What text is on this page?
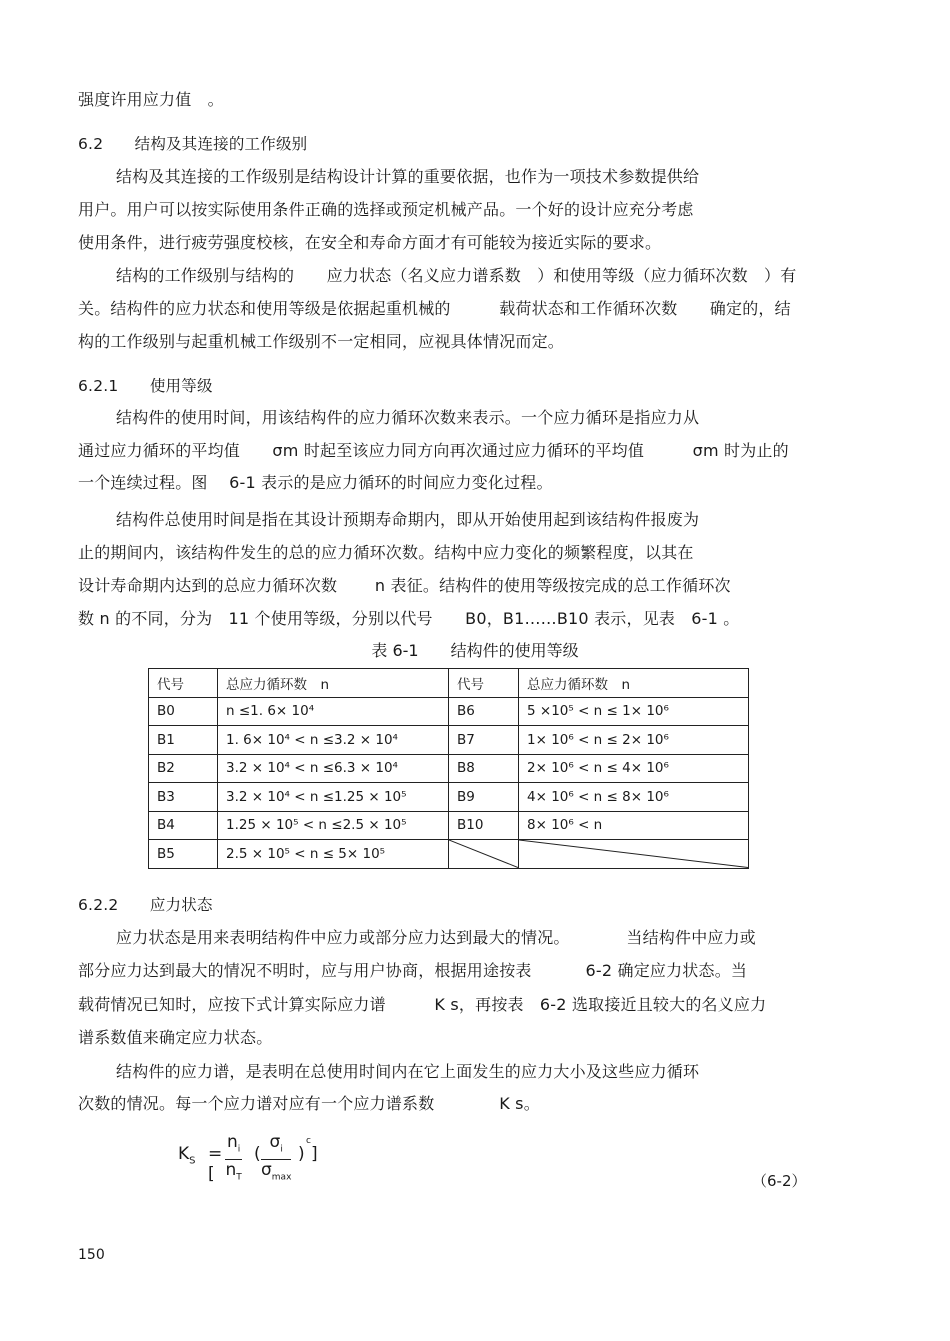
强度许用应力值　。
6.2　　结构及其连接的工作级别
结构及其连接的工作级别是结构设计计算的重要依据，也作为一项技术参数提供给
用户。用户可以按实际使用条件正确的选择或预定机械产品。一个好的设计应充分考虑
使用条件，进行疲劳强度校核，在安全和寿命方面才有可能较为接近实际的要求。
结构的工作级别与结构的　　应力状态（名义应力谱系数　）和使用等级（应力循环次数　）有
关。结构件的应力状态和使用等级是依据起重机械的　　　载荷状态和工作循环次数　　确定的，结
构的工作级别与起重机械工作级别不一定相同，应视具体情况而定。
6.2.1　　使用等级
结构件的使用时间，用该结构件的应力循环次数来表示。一个应力循环是指应力从
通过应力循环的平均值　　σm 时起至该应力同方向再次通过应力循环的平均值　　　σm 时为止的
一个连续过程。图　 6-1 表示的是应力循环的时间应力变化过程。
结构件总使用时间是指在其设计预期寿命期内，即从开始使用起到该结构件报废为
止的期间内，该结构件发生的总的应力循环次数。结构中应力变化的频繁程度，以其在
设计寿命期内达到的总应力循环次数　　 n 表征。结构件的使用等级按完成的总工作循环次
数 n 的不同，分为　11 个使用等级，分别以代号　　B0，B1……B10 表示，见表　6-1 。
表 6-1　　结构件的使用等级
代号	总应力循环数　n	代号	总应力循环数　n
B0	n ≤1. 6× 10⁴	B6	5 ×10⁵ < n ≤ 1× 10⁶
B1	1. 6× 10⁴ < n ≤3.2 × 10⁴	B7	1× 10⁶ < n ≤ 2× 10⁶
B2	3.2 × 10⁴ < n ≤6.3 × 10⁴	B8	2× 10⁶ < n ≤ 4× 10⁶
B3	3.2 × 10⁴ < n ≤1.25 × 10⁵	B9	4× 10⁶ < n ≤ 8× 10⁶
B4	1.25 × 10⁵ < n ≤2.5 × 10⁵	B10	8× 10⁶ < n
B5	2.5 × 10⁵ < n ≤ 5× 10⁵	

6.2.2　　应力状态
应力状态是用来表明结构件中应力或部分应力达到最大的情况。　　　　当结构件中应力或
部分应力达到最大的情况不明时，应与用户协商，根据用途按表　　　 6-2 确定应力状态。当
载荷情况已知时，应按下式计算实际应力谱　　　K s，再按表　6-2 选取接近且较大的名义应力
谱系数值来确定应力状态。
结构件的应力谱，是表明在总使用时间内在它上面发生的应力大小及这些应力循环
次数的情况。每一个应力谱对应有一个应力谱系数　　　　K s。
$K_S$ =[ $\frac{n_i}{n_T}$ (
$\sigma_i$
$\sigma_{max}$
)
c
]
（6-2）
150
